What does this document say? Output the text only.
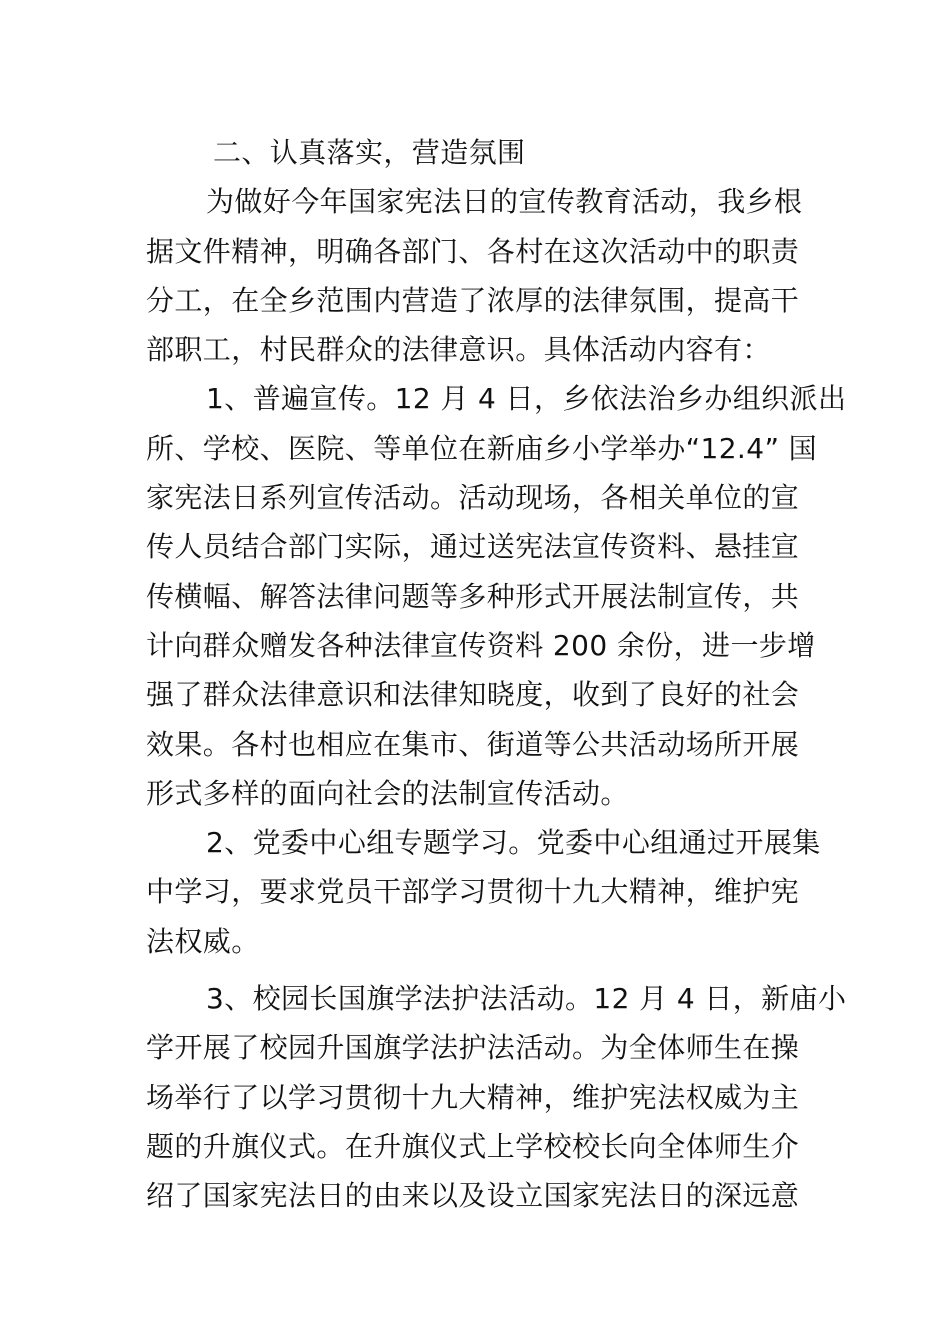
二、认真落实，营造氛围

为做好今年国家宪法日的宣传教育活动，我乡根
据文件精神，明确各部门、各村在这次活动中的职责
分工，在全乡范围内营造了浓厚的法律氛围，提高干
部职工，村民群众的法律意识。具体活动内容有：
1、普遍宣传。12 月 4 日，乡依法治乡办组织派出
所、学校、医院、等单位在新庙乡小学举办“12.4” 国
家宪法日系列宣传活动。活动现场，各相关单位的宣
传人员结合部门实际，通过送宪法宣传资料、悬挂宣
传横幅、解答法律问题等多种形式开展法制宣传，共
计向群众赠发各种法律宣传资料 200 余份，进一步增
强了群众法律意识和法律知晓度，收到了良好的社会
效果。各村也相应在集市、街道等公共活动场所开展
形式多样的面向社会的法制宣传活动。
2、党委中心组专题学习。党委中心组通过开展集
中学习，要求党员干部学习贯彻十九大精神，维护宪
法权威。
3、校园长国旗学法护法活动。12 月 4 日，新庙小
学开展了校园升国旗学法护法活动。为全体师生在操
场举行了以学习贯彻十九大精神，维护宪法权威为主
题的升旗仪式。在升旗仪式上学校校长向全体师生介
绍了国家宪法日的由来以及设立国家宪法日的深远意
